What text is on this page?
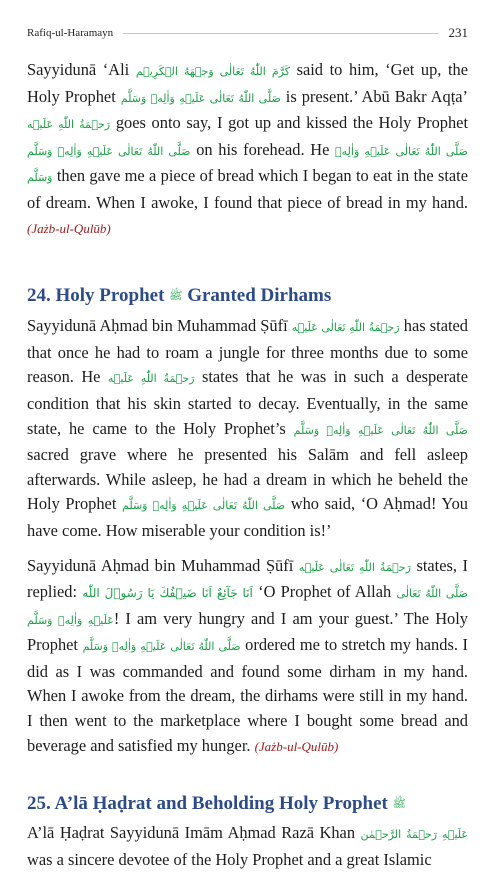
Rafiq-ul-Haramayn	231

Sayyidunā ‘Ali كَرَّمَ اللّٰهُ تَعَالٰی وَجۡهَهُ الۡكَرِیۡم said to him, ‘Get up, the Holy Prophet صَلَّی اللّٰهُ تَعَالٰی عَلَیۡهِ وَاٰلِهٖ وَسَلَّم is present.’ Abū Bakr Aqṭa’ رَحۡمَةُ اللّٰهِ عَلَیۡه goes onto say, I got up and kissed the Holy Prophet صَلَّی اللّٰهُ تَعَالٰی عَلَیۡهِ وَاٰلِهٖ وَسَلَّم on his forehead. He صَلَّی اللّٰهُ تَعَالٰی عَلَیۡهِ وَاٰلِهٖ وَسَلَّم then gave me a piece of bread which I began to eat in the state of dream. When I awoke, I found that piece of bread in my hand. (Jażb-ul-Qulūb)

24. Holy Prophet ﷺ Granted Dirhams

Sayyidunā Aḥmad bin Muhammad Ṣūfī رَحۡمَةُ اللّٰهِ تَعَالٰی عَلَیۡه has stated that once he had to roam a jungle for three months due to some reason. He رَحۡمَةُ اللّٰهِ عَلَیۡه states that he was in such a desperate condition that his skin started to decay. Eventually, in the same state, he came to the Holy Prophet’s صَلَّی اللّٰهُ تَعَالٰی عَلَیۡهِ وَاٰلِهٖ وَسَلَّم sacred grave where he presented his Salām and fell asleep afterwards. While asleep, he had a dream in which he beheld the Holy Prophet صَلَّی اللّٰهُ تَعَالٰی عَلَیۡهِ وَاٰلِهٖ وَسَلَّم who said, ‘O Aḥmad! You have come. How miserable your condition is!’

Sayyidunā Aḥmad bin Muhammad Ṣūfī رَحۡمَةُ اللّٰهِ تَعَالٰی عَلَیۡه states, I replied: اَنَا جَآئِعٌ اَنَا ضَیۡفُكَ یَا رَسُوۡلَ اللّٰه ‘O Prophet of Allah صَلَّی اللّٰهُ تَعَالٰی عَلَیۡهِ وَاٰلِهٖ وَسَلَّم! I am very hungry and I am your guest.’ The Holy Prophet صَلَّی اللّٰهُ تَعَالٰی عَلَیۡهِ وَاٰلِهٖ وَسَلَّم ordered me to stretch my hands. I did as I was commanded and found some dirham in my hand. When I awoke from the dream, the dirhams were still in my hand. I then went to the marketplace where I bought some bread and beverage and satisfied my hunger. (Jażb-ul-Qulūb)

25. A’lā Ḥaḍrat and Beholding Holy Prophet ﷺ

A’lā Ḥaḍrat Sayyidunā Imām Aḥmad Razā Khan عَلَیۡهِ رَحۡمَةُ الرَّحۡمٰن was a sincere devotee of the Holy Prophet and a great Islamic
